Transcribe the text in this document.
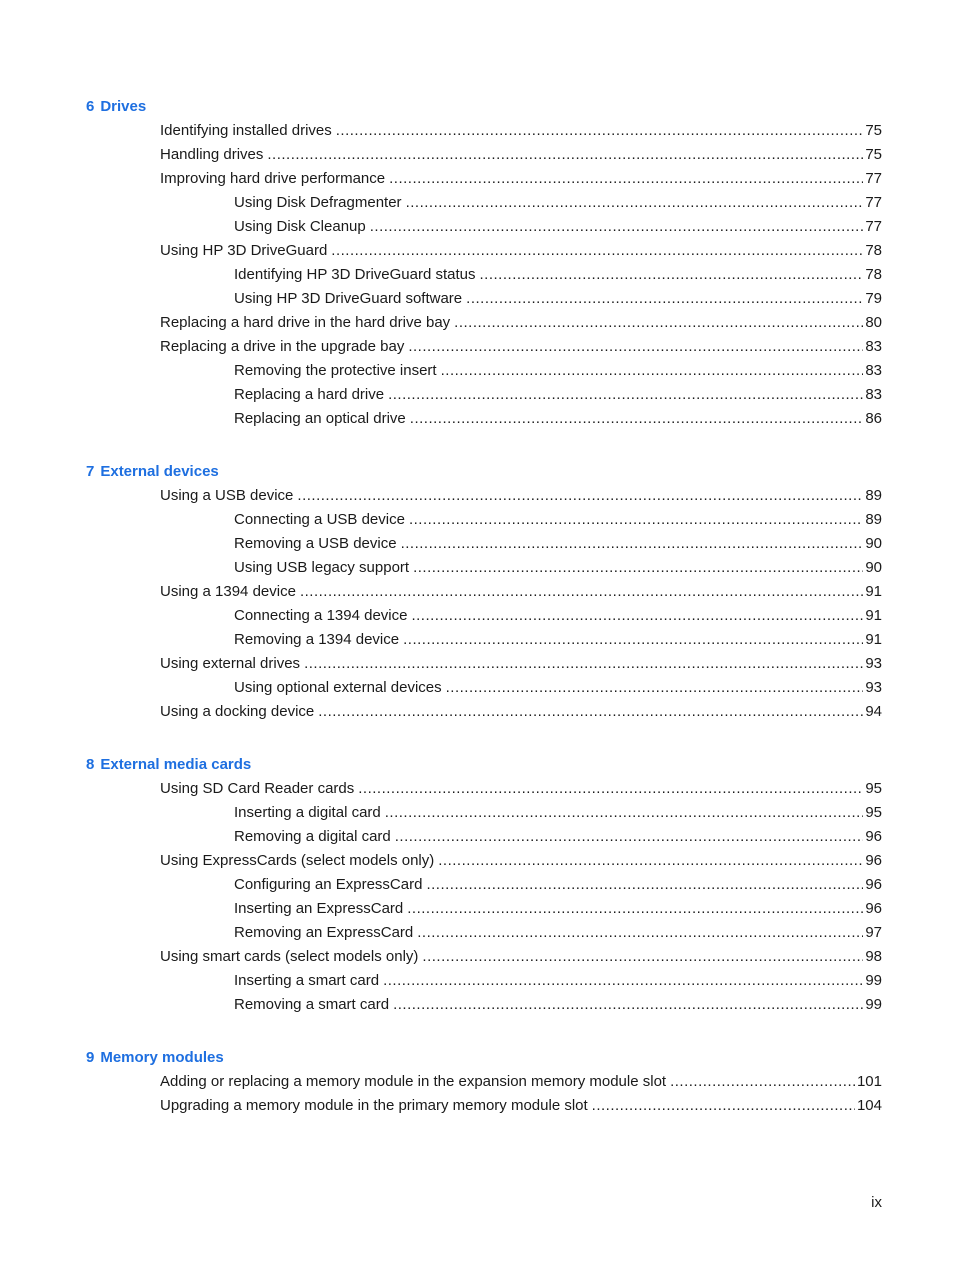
6 Drives
Identifying installed drives .....	75
Handling drives .....	75
Improving hard drive performance .....	77
Using Disk Defragmenter .....	77
Using Disk Cleanup .....	77
Using HP 3D DriveGuard .....	78
Identifying HP 3D DriveGuard status .....	78
Using HP 3D DriveGuard software .....	79
Replacing a hard drive in the hard drive bay .....	80
Replacing a drive in the upgrade bay .....	83
Removing the protective insert .....	83
Replacing a hard drive .....	83
Replacing an optical drive .....	86
7 External devices
Using a USB device .....	89
Connecting a USB device .....	89
Removing a USB device .....	90
Using USB legacy support .....	90
Using a 1394 device .....	91
Connecting a 1394 device .....	91
Removing a 1394 device .....	91
Using external drives .....	93
Using optional external devices .....	93
Using a docking device .....	94
8 External media cards
Using SD Card Reader cards .....	95
Inserting a digital card .....	95
Removing a digital card .....	96
Using ExpressCards (select models only) .....	96
Configuring an ExpressCard .....	96
Inserting an ExpressCard .....	96
Removing an ExpressCard .....	97
Using smart cards (select models only) .....	98
Inserting a smart card .....	99
Removing a smart card .....	99
9 Memory modules
Adding or replacing a memory module in the expansion memory module slot .....	101
Upgrading a memory module in the primary memory module slot .....	104
ix
